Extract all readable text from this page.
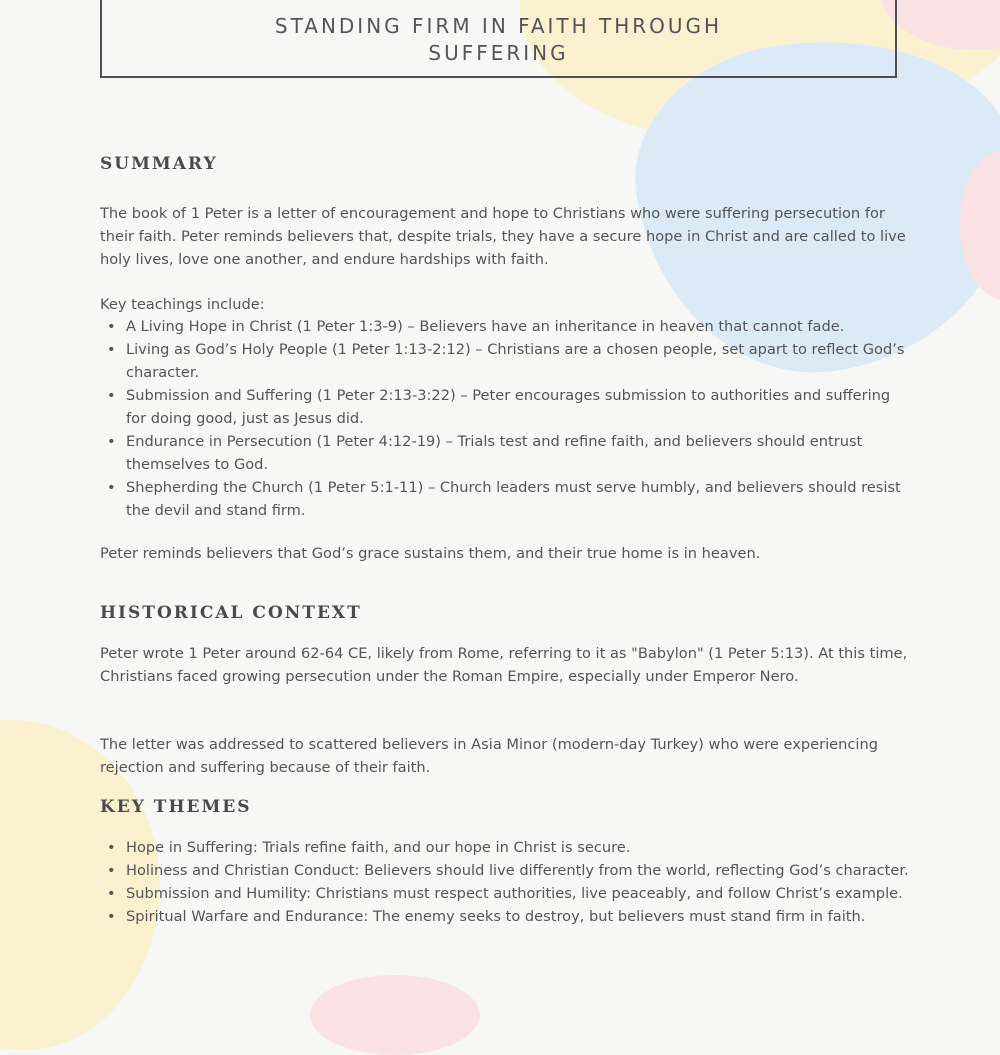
STANDING FIRM IN FAITH THROUGH
SUFFERING
SUMMARY

The book of 1 Peter is a letter of encouragement and hope to Christians who were suffering persecution for their faith. Peter reminds believers that, despite trials, they have a secure hope in Christ and are called to live holy lives, love one another, and endure hardships with faith.

Key teachings include:

• A Living Hope in Christ (1 Peter 1:3-9) – Believers have an inheritance in heaven that cannot fade.
• Living as God’s Holy People (1 Peter 1:13-2:12) – Christians are a chosen people, set apart to reflect God’s character.
• Submission and Suffering (1 Peter 2:13-3:22) – Peter encourages submission to authorities and suffering for doing good, just as Jesus did.
• Endurance in Persecution (1 Peter 4:12-19) – Trials test and refine faith, and believers should entrust themselves to God.
• Shepherding the Church (1 Peter 5:1-11) – Church leaders must serve humbly, and believers should resist the devil and stand firm.

Peter reminds believers that God’s grace sustains them, and their true home is in heaven.

HISTORICAL CONTEXT

Peter wrote 1 Peter around 62-64 CE, likely from Rome, referring to it as "Babylon" (1 Peter 5:13). At this time, Christians faced growing persecution under the Roman Empire, especially under Emperor Nero.

The letter was addressed to scattered believers in Asia Minor (modern-day Turkey) who were experiencing rejection and suffering because of their faith.

KEY THEMES
• Hope in Suffering: Trials refine faith, and our hope in Christ is secure.
• Holiness and Christian Conduct: Believers should live differently from the world, reflecting God’s character.
• Submission and Humility: Christians must respect authorities, live peaceably, and follow Christ’s example.
• Spiritual Warfare and Endurance: The enemy seeks to destroy, but believers must stand firm in faith.
